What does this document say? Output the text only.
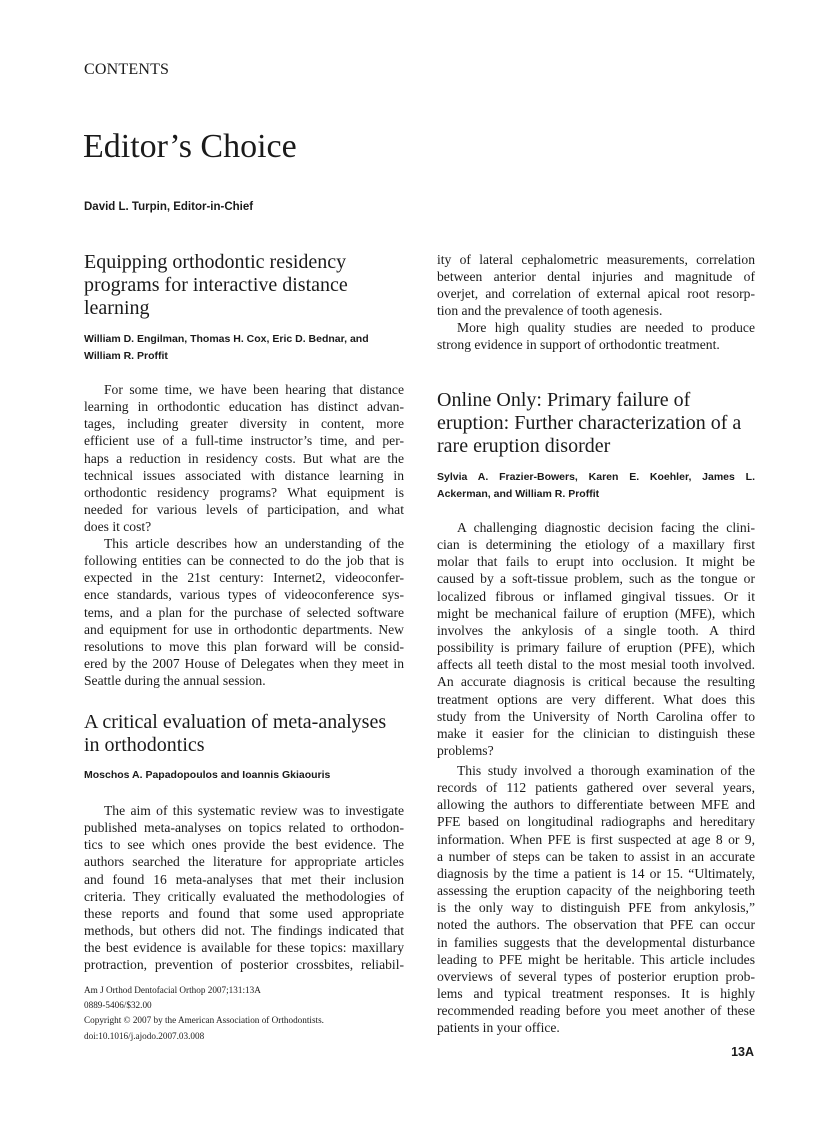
CONTENTS
Editor’s Choice
David L. Turpin, Editor-in-Chief
Equipping orthodontic residency
programs for interactive distance
learning
William D. Engilman, Thomas H. Cox, Eric D. Bednar, and
William R. Proffit
For some time, we have been hearing that distance
learning in orthodontic education has distinct advan-
tages, including greater diversity in content, more
efficient use of a full-time instructor’s time, and per-
haps a reduction in residency costs. But what are the
technical issues associated with distance learning in
orthodontic residency programs? What equipment is
needed for various levels of participation, and what
does it cost?
This article describes how an understanding of the
following entities can be connected to do the job that is
expected in the 21st century: Internet2, videoconfer-
ence standards, various types of videoconference sys-
tems, and a plan for the purchase of selected software
and equipment for use in orthodontic departments. New
resolutions to move this plan forward will be consid-
ered by the 2007 House of Delegates when they meet in
Seattle during the annual session.
A critical evaluation of meta-analyses
in orthodontics
Moschos A. Papadopoulos and Ioannis Gkiaouris
The aim of this systematic review was to investigate
published meta-analyses on topics related to orthodon-
tics to see which ones provide the best evidence. The
authors searched the literature for appropriate articles
and found 16 meta-analyses that met their inclusion
criteria. They critically evaluated the methodologies of
these reports and found that some used appropriate
methods, but others did not. The findings indicated that
the best evidence is available for these topics: maxillary
protraction, prevention of posterior crossbites, reliabil-
ity of lateral cephalometric measurements, correlation
between anterior dental injuries and magnitude of
overjet, and correlation of external apical root resorp-
tion and the prevalence of tooth agenesis.
More high quality studies are needed to produce
strong evidence in support of orthodontic treatment.
Online Only: Primary failure of
eruption: Further characterization of a
rare eruption disorder
Sylvia A. Frazier-Bowers, Karen E. Koehler, James L.
Ackerman, and William R. Proffit
A challenging diagnostic decision facing the clini-
cian is determining the etiology of a maxillary first
molar that fails to erupt into occlusion. It might be
caused by a soft-tissue problem, such as the tongue or
localized fibrous or inflamed gingival tissues. Or it
might be mechanical failure of eruption (MFE), which
involves the ankylosis of a single tooth. A third
possibility is primary failure of eruption (PFE), which
affects all teeth distal to the most mesial tooth involved.
An accurate diagnosis is critical because the resulting
treatment options are very different. What does this
study from the University of North Carolina offer to
make it easier for the clinician to distinguish these
problems?
This study involved a thorough examination of the
records of 112 patients gathered over several years,
allowing the authors to differentiate between MFE and
PFE based on longitudinal radiographs and hereditary
information. When PFE is first suspected at age 8 or 9,
a number of steps can be taken to assist in an accurate
diagnosis by the time a patient is 14 or 15. “Ultimately,
assessing the eruption capacity of the neighboring teeth
is the only way to distinguish PFE from ankylosis,”
noted the authors. The observation that PFE can occur
in families suggests that the developmental disturbance
leading to PFE might be heritable. This article includes
overviews of several types of posterior eruption prob-
lems and typical treatment responses. It is highly
recommended reading before you meet another of these
patients in your office.
Am J Orthod Dentofacial Orthop 2007;131:13A
0889-5406/$32.00
Copyright © 2007 by the American Association of Orthodontists.
doi:10.1016/j.ajodo.2007.03.008
13A
